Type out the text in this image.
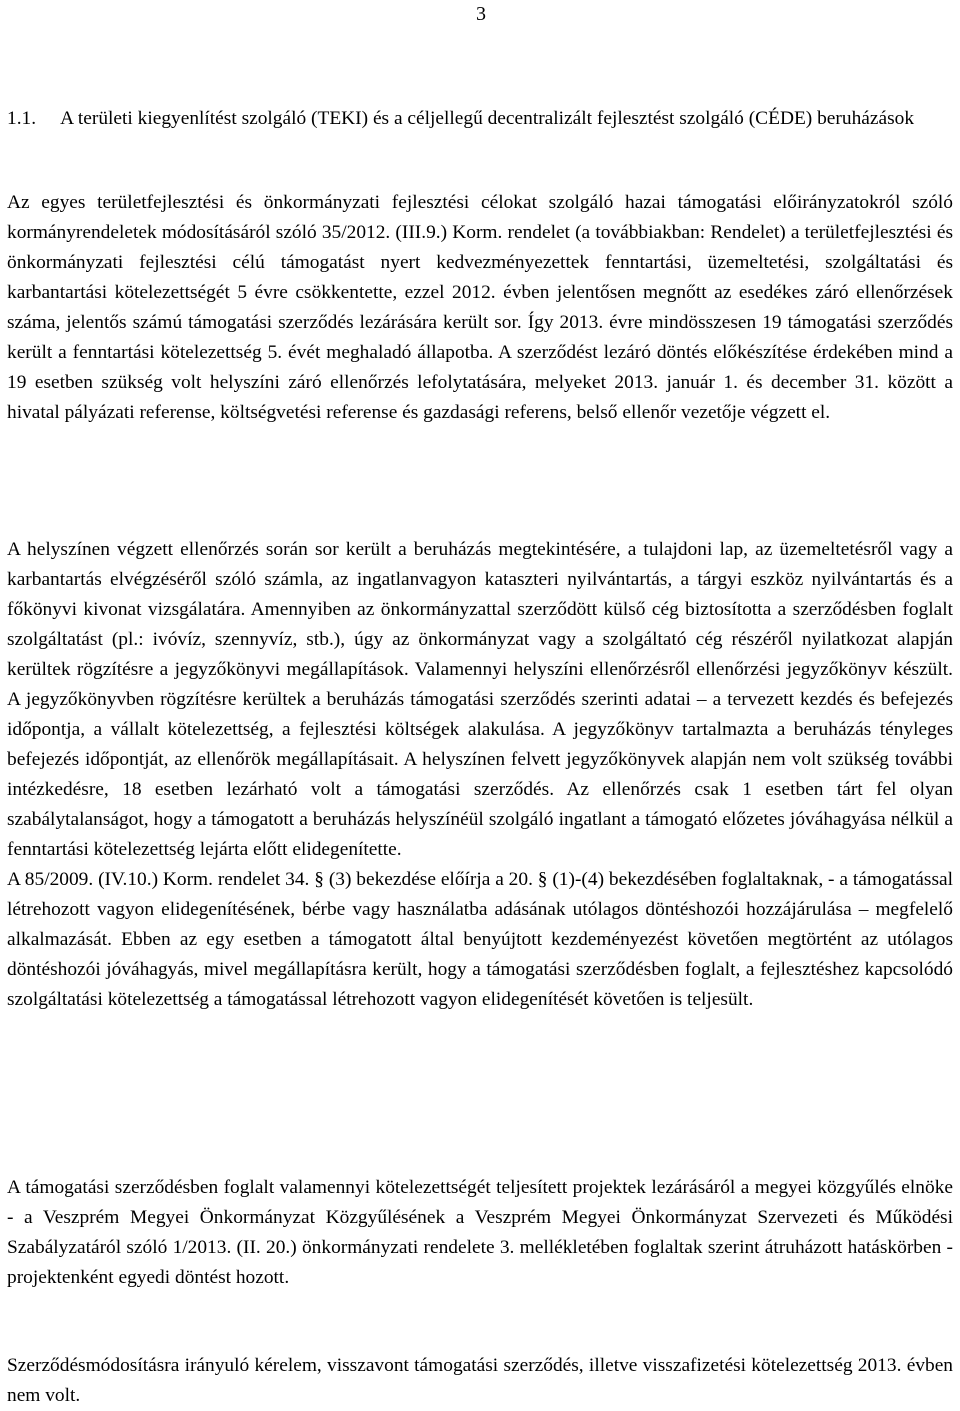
3
1.1. A területi kiegyenlítést szolgáló (TEKI) és a céljellegű decentralizált fejlesztést szolgáló (CÉDE) beruházások

Az egyes területfejlesztési és önkormányzati fejlesztési célokat szolgáló hazai támogatási előirányzatokról szóló kormányrendeletek módosításáról szóló 35/2012. (III.9.) Korm. rendelet (a továbbiakban: Rendelet) a területfejlesztési és önkormányzati fejlesztési célú támogatást nyert kedvezményezettek fenntartási, üzemeltetési, szolgáltatási és karbantartási kötelezettségét 5 évre csökkentette, ezzel 2012. évben jelentősen megnőtt az esedékes záró ellenőrzések száma, jelentős számú támogatási szerződés lezárására került sor. Így 2013. évre mindösszesen 19 támogatási szerződés került a fenntartási kötelezettség 5. évét meghaladó állapotba. A szerződést lezáró döntés előkészítése érdekében mind a 19 esetben szükség volt helyszíni záró ellenőrzés lefolytatására, melyeket 2013. január 1. és december 31. között a hivatal pályázati referense, költségvetési referense és gazdasági referens, belső ellenőr vezetője végzett el.

A helyszínen végzett ellenőrzés során sor került a beruházás megtekintésére, a tulajdoni lap, az üzemeltetésről vagy a karbantartás elvégzéséről szóló számla, az ingatlanvagyon kataszteri nyilvántartás, a tárgyi eszköz nyilvántartás és a főkönyvi kivonat vizsgálatára. Amennyiben az önkormányzattal szerződött külső cég biztosította a szerződésben foglalt szolgáltatást (pl.: ivóvíz, szennyvíz, stb.), úgy az önkormányzat vagy a szolgáltató cég részéről nyilatkozat alapján kerültek rögzítésre a jegyzőkönyvi megállapítások. Valamennyi helyszíni ellenőrzésről ellenőrzési jegyzőkönyv készült. A jegyzőkönyvben rögzítésre kerültek a beruházás támogatási szerződés szerinti adatai – a tervezett kezdés és befejezés időpontja, a vállalt kötelezettség, a fejlesztési költségek alakulása. A jegyzőkönyv tartalmazta a beruházás tényleges befejezés időpontját, az ellenőrök megállapításait. A helyszínen felvett jegyzőkönyvek alapján nem volt szükség további intézkedésre, 18 esetben lezárható volt a támogatási szerződés. Az ellenőrzés csak 1 esetben tárt fel olyan szabálytalanságot, hogy a támogatott a beruházás helyszínéül szolgáló ingatlant a támogató előzetes jóváhagyása nélkül a fenntartási kötelezettség lejárta előtt elidegenítette.

A 85/2009. (IV.10.) Korm. rendelet 34. § (3) bekezdése előírja a 20. § (1)-(4) bekezdésében foglaltaknak, - a támogatással létrehozott vagyon elidegenítésének, bérbe vagy használatba adásának utólagos döntéshozói hozzájárulása – megfelelő alkalmazását. Ebben az egy esetben a támogatott által benyújtott kezdeményezést követően megtörtént az utólagos döntéshozói jóváhagyás, mivel megállapításra került, hogy a támogatási szerződésben foglalt, a fejlesztéshez kapcsolódó szolgáltatási kötelezettség a támogatással létrehozott vagyon elidegenítését követően is teljesült.

A támogatási szerződésben foglalt valamennyi kötelezettségét teljesített projektek lezárásáról a megyei közgyűlés elnöke - a Veszprém Megyei Önkormányzat Közgyűlésének a Veszprém Megyei Önkormányzat Szervezeti és Működési Szabályzatáról szóló 1/2013. (II. 20.) önkormányzati rendelete 3. mellékletében foglaltak szerint átruházott hatáskörben - projektenként egyedi döntést hozott.

Szerződésmódosításra irányuló kérelem, visszavont támogatási szerződés, illetve visszafizetési kötelezettség 2013. évben nem volt.
